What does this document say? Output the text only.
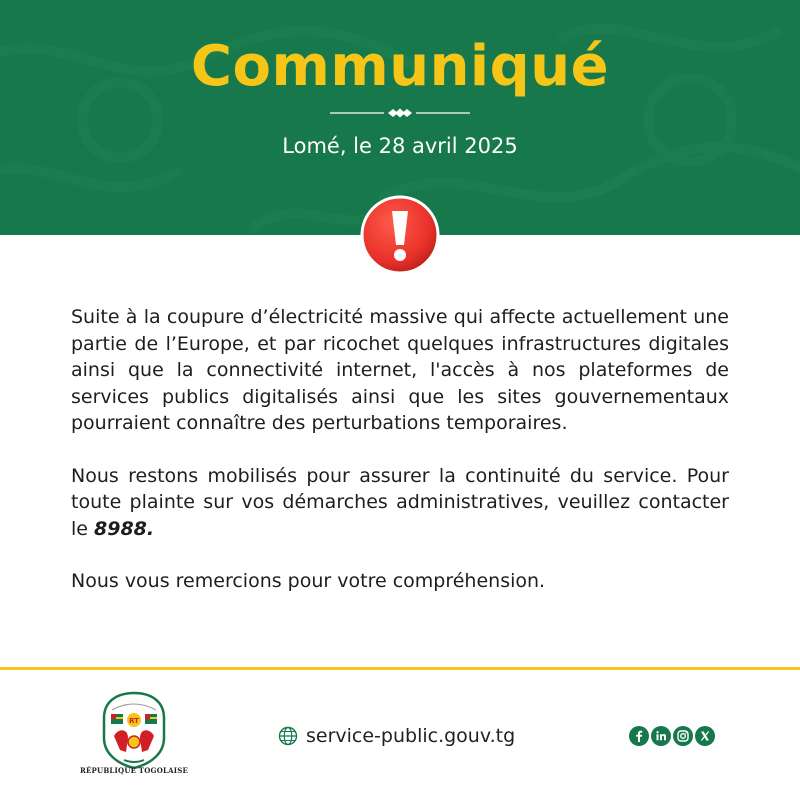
Communiqué
Lomé, le 28 avril 2025

Suite à la coupure d’électricité massive qui affecte actuellement une partie de l’Europe, et par ricochet quelques infrastructures digitales ainsi que la connectivité internet, l'accès à nos plateformes de services publics digitalisés ainsi que les sites gouvernementaux pourraient connaître des perturbations temporaires.

Nous restons mobilisés pour assurer la continuité du service. Pour toute plainte sur vos démarches administratives, veuillez contacter le 8988.

Nous vous remercions pour votre compréhension.

RT
RÉPUBLIQUE TOGOLAISE
service-public.gouv.tg
